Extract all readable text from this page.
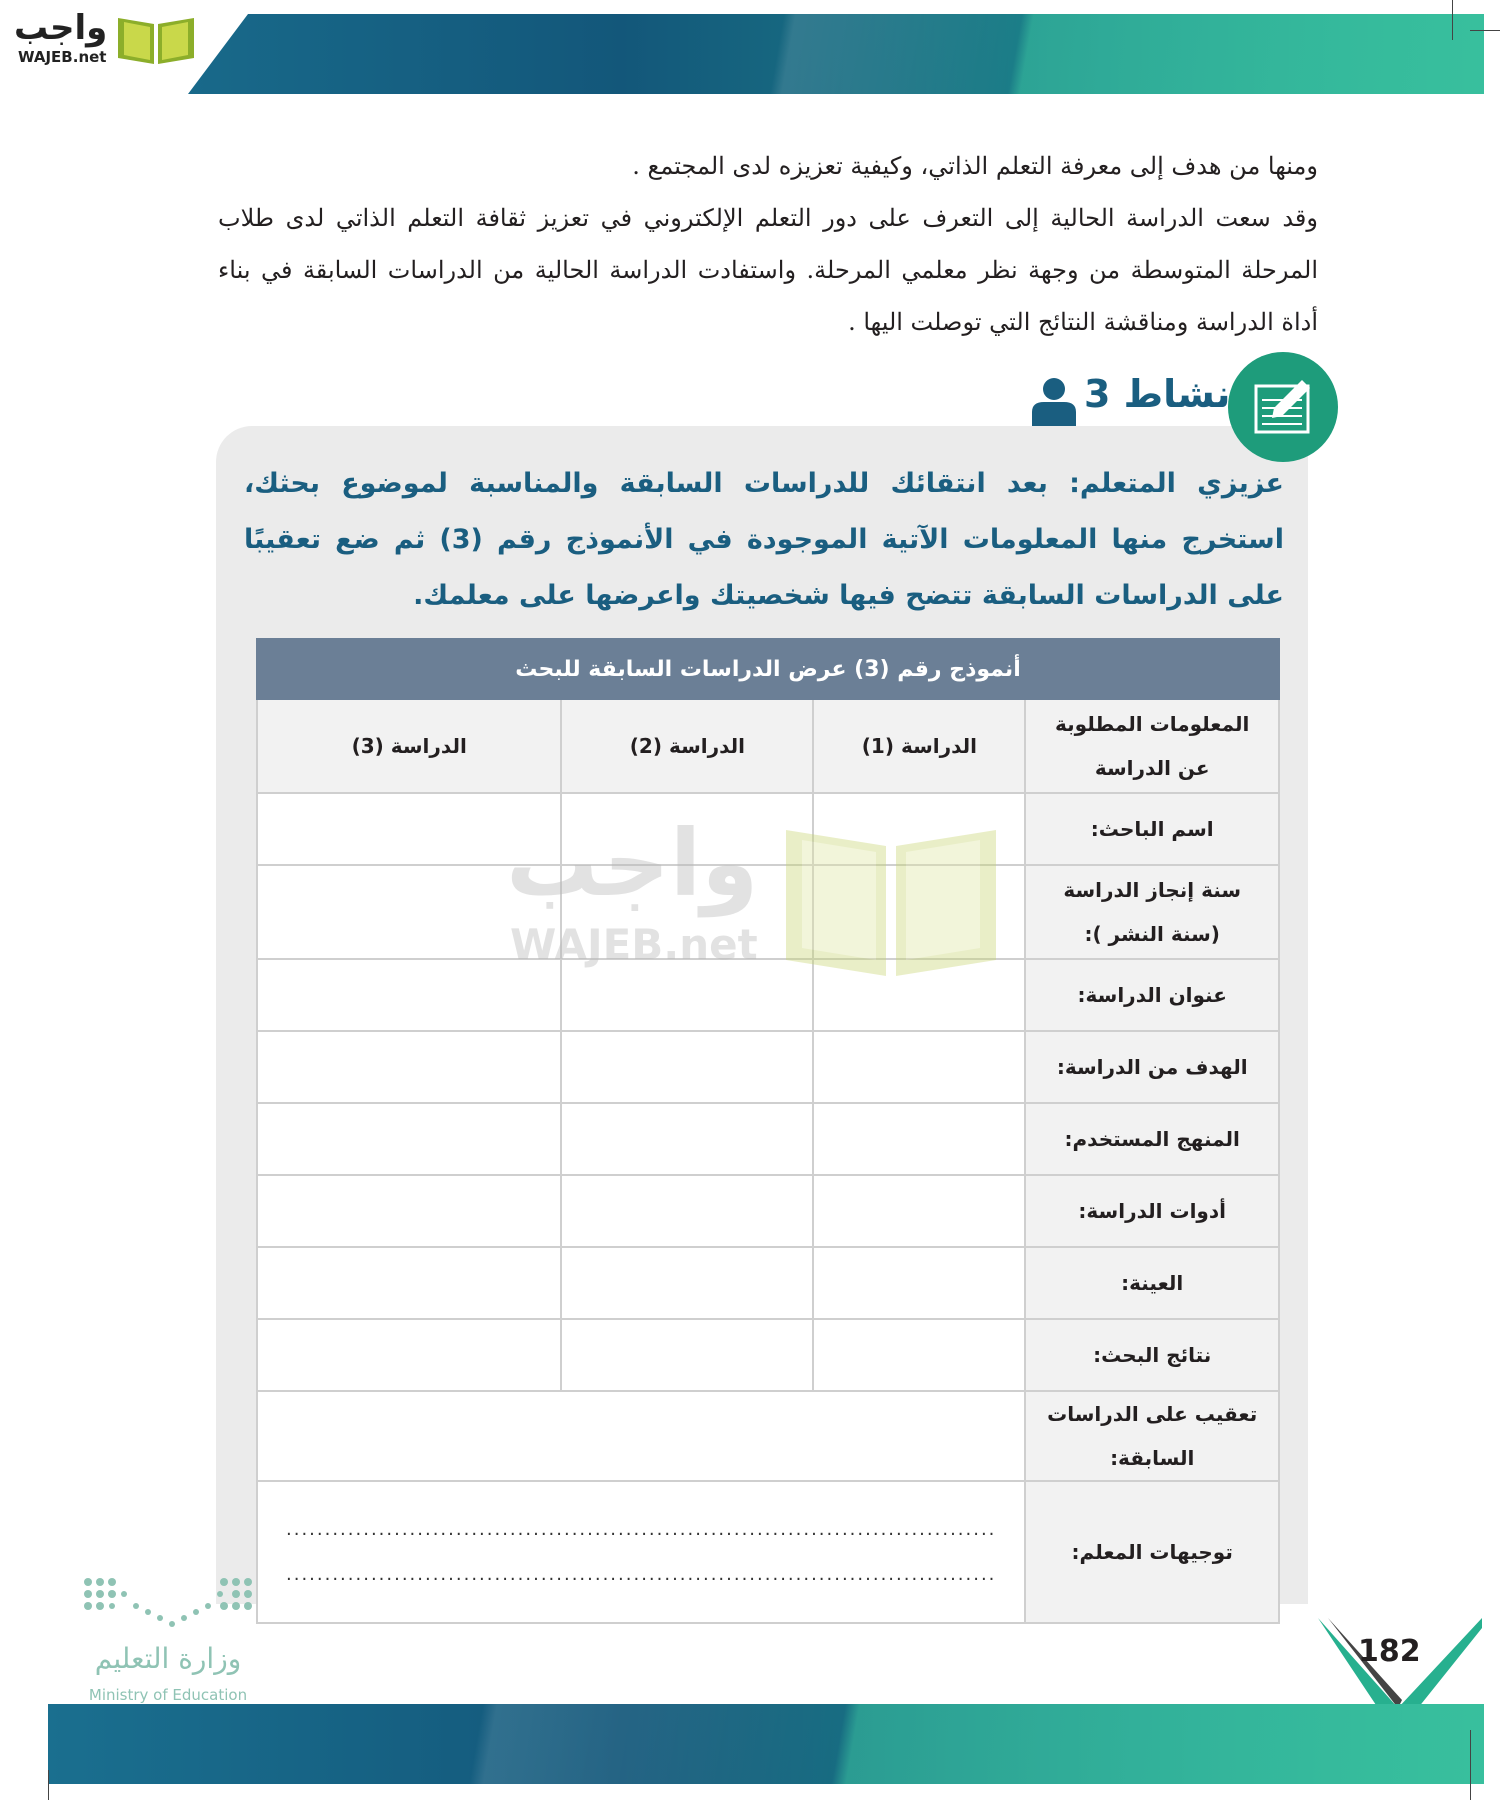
واجب
WAJEB.net
ومنها من هدف إلى معرفة التعلم الذاتي، وكيفية تعزيزه لدى المجتمع .
وقد سعت الدراسة الحالية إلى التعرف على دور التعلم الإلكتروني في تعزيز ثقافة التعلم الذاتي لدى طلاب المرحلة المتوسطة من وجهة نظر معلمي المرحلة. واستفادت الدراسة الحالية من الدراسات السابقة في بناء أداة الدراسة ومناقشة النتائج التي توصلت اليها .
نشاط 3
عزيزي المتعلم: بعد انتقائك للدراسات السابقة والمناسبة لموضوع بحثك، استخرج منها المعلومات الآتية الموجودة في الأنموذج رقم (3) ثم ضع تعقيبًا على الدراسات السابقة تتضح فيها شخصيتك واعرضها على معلمك.
أنموذج رقم (3) عرض الدراسات السابقة للبحث			
المعلومات المطلوبة عن الدراسة	الدراسة (1)	الدراسة (2)	الدراسة (3)
اسم الباحث:			
سنة إنجاز الدراسة (سنة النشر ):			
عنوان الدراسة:			
الهدف من الدراسة:			
المنهج المستخدم:			
أدوات الدراسة:			
العينة:			
نتائج البحث:			
تعقيب على الدراسات السابقة:			
توجيهات المعلم:	............................................................................................
............................................................................................		
واجب
WAJEB.net
وزارة التعليم
Ministry of Education
182
